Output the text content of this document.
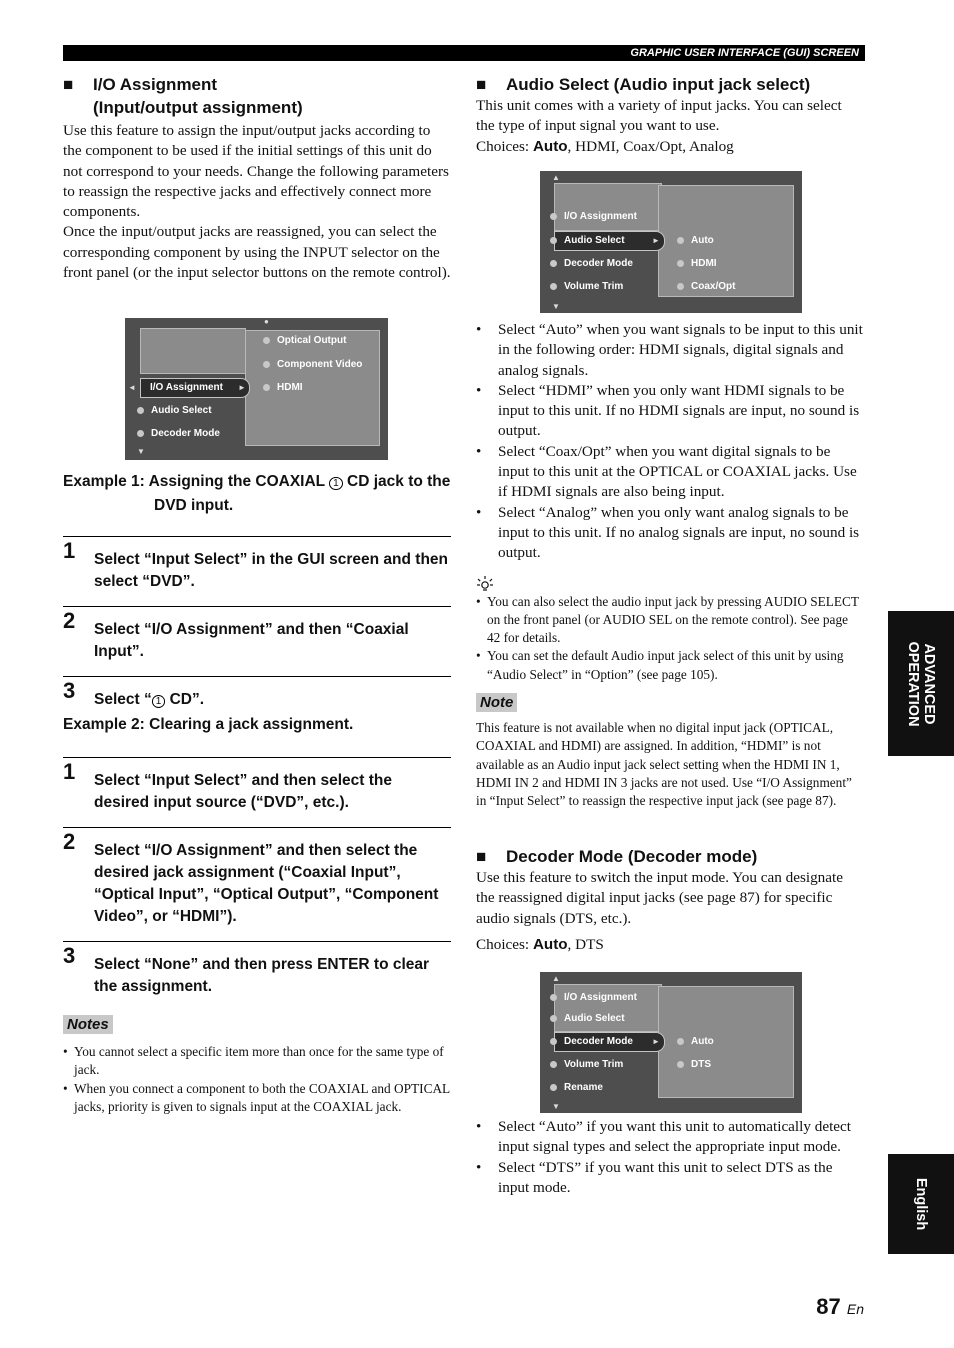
GRAPHIC USER INTERFACE (GUI) SCREEN
■ I/O Assignment
(Input/output assignment)

Use this feature to assign the input/output jacks according to the component to be used if the initial settings of this unit do not correspond to your needs. Change the following parameters to reassign the respective jacks and effectively connect more components.

Once the input/output jacks are reassigned, you can select the corresponding component by using the INPUT selector on the front panel (or the input selector buttons on the remote control).

●
▼
◄ I/O Assignment ►
Audio Select
Decoder Mode
Optical Output
Component Video
HDMI
Example 1: Assigning the COAXIAL 1 CD jack to the DVD input.
1 Select “Input Select” in the GUI screen and then select “DVD”.
2 Select “I/O Assignment” and then “Coaxial Input”.
3 Select “ 1 CD”.
Example 2: Clearing a jack assignment.
1 Select “Input Select” and then select the desired input source (“DVD”, etc.).
2 Select “I/O Assignment” and then select the desired jack assignment (“Coaxial Input”, “Optical Input”, “Optical Output”, “Component Video”, or “HDMI”).
3 Select “None” and then press ENTER to clear the assignment.
Notes
• You cannot select a specific item more than once for the same type of jack.
• When you connect a component to both the COAXIAL and OPTICAL jacks, priority is given to signals input at the COAXIAL jack.
■ Audio Select (Audio input jack select)

This unit comes with a variety of input jacks. You can select the type of input signal you want to use.

Choices: Auto, HDMI, Coax/Opt, Analog

▲
▼
I/O Assignment
Audio Select	►
Decoder Mode
Volume Trim
Auto
HDMI
Coax/Opt
• Select “Auto” when you want signals to be input to this unit in the following order: HDMI signals, digital signals and analog signals.
• Select “HDMI” when you only want HDMI signals to be input to this unit. If no HDMI signals are input, no sound is output.
• Select “Coax/Opt” when you want digital signals to be input to this unit at the OPTICAL or COAXIAL jacks. Use if HDMI signals are also being input.
• Select “Analog” when you only want analog signals to be input to this unit. If no analog signals are input, no sound is output.
• You can also select the audio input jack by pressing AUDIO SELECT on the front panel (or AUDIO SEL on the remote control). See page 42 for details.
• You can set the default Audio input jack select of this unit by using “Audio Select” in “Option” (see page 105).
Note

This feature is not available when no digital input jack (OPTICAL, COAXIAL and HDMI) are assigned. In addition, “HDMI” is not available as an Audio input jack select setting when the HDMI IN 1, HDMI IN 2 and HDMI IN 3 jacks are not used. Use “I/O Assignment” in “Input Select” to reassign the respective input jack (see page 87).

■ Decoder Mode (Decoder mode)

Use this feature to switch the input mode. You can designate the reassigned digital input jacks (see page 87) for specific audio signals (DTS, etc.).

Choices: Auto, DTS

▲
▼
I/O Assignment
Audio Select
Decoder Mode ►
Volume Trim
Rename
Auto
DTS
• Select “Auto” if you want this unit to automatically detect input signal types and select the appropriate input mode.
• Select “DTS” if you want this unit to select DTS as the input mode.
ADVANCED
OPERATION
English
87 En
